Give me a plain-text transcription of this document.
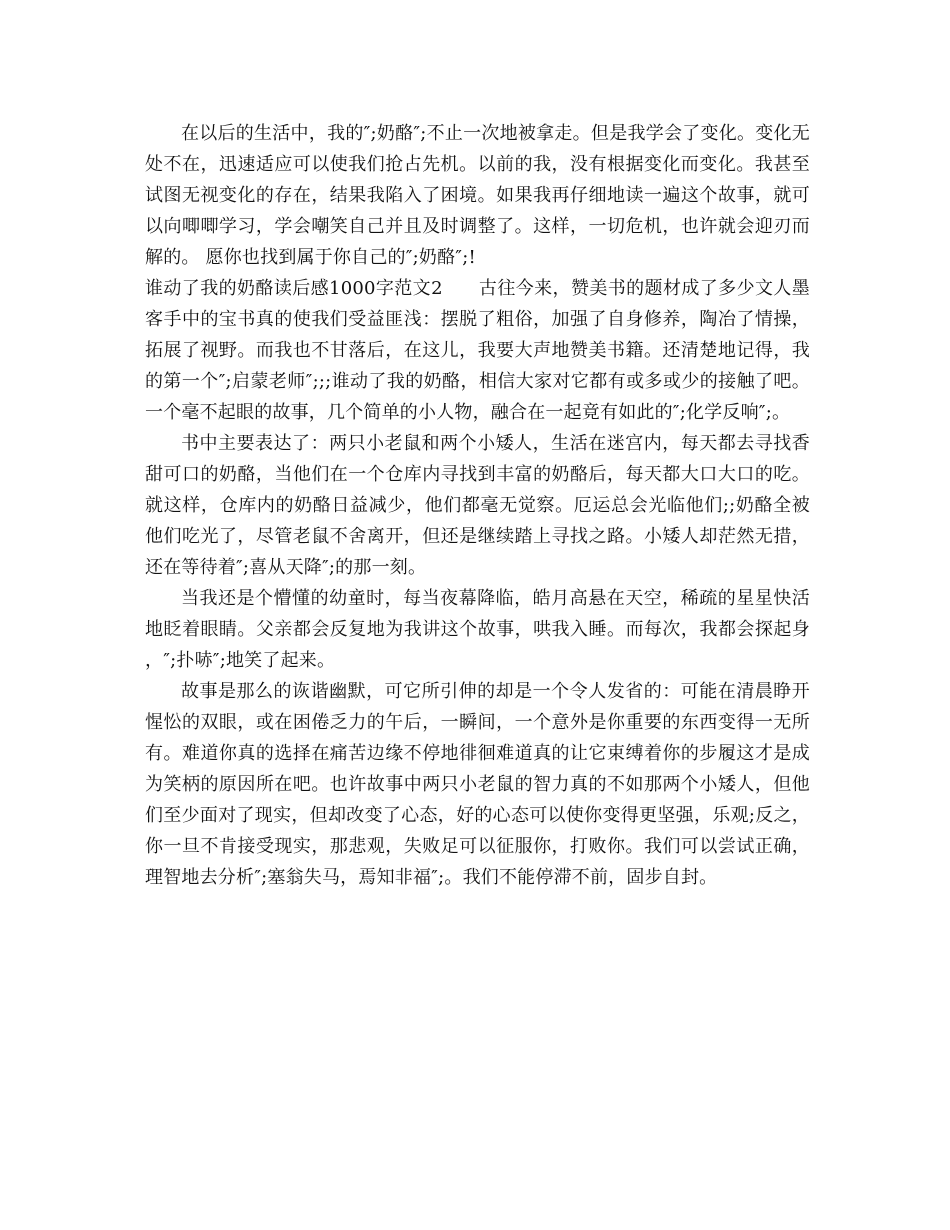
在以后的生活中，我的″;奶酪″;不止一次地被拿走。但是我学会了变化。变化无处不在，迅速适应可以使我们抢占先机。以前的我，没有根据变化而变化。我甚至试图无视变化的存在，结果我陷入了困境。如果我再仔细地读一遍这个故事，就可以向唧唧学习，学会嘲笑自己并且及时调整了。这样，一切危机，也许就会迎刃而解的。 愿你也找到属于你自己的″;奶酪″;!

谁动了我的奶酪读后感1000字范文2 古往今来，赞美书的题材成了多少文人墨客手中的宝书真的使我们受益匪浅：摆脱了粗俗，加强了自身修养，陶冶了情操，拓展了视野。而我也不甘落后，在这儿，我要大声地赞美书籍。还清楚地记得，我的第一个″;启蒙老师″;;;谁动了我的奶酪，相信大家对它都有或多或少的接触了吧。一个毫不起眼的故事，几个简单的小人物，融合在一起竟有如此的″;化学反响″;。

书中主要表达了：两只小老鼠和两个小矮人，生活在迷宫内，每天都去寻找香甜可口的奶酪，当他们在一个仓库内寻找到丰富的奶酪后，每天都大口大口的吃。就这样，仓库内的奶酪日益减少，他们都毫无觉察。厄运总会光临他们;;奶酪全被他们吃光了，尽管老鼠不舍离开，但还是继续踏上寻找之路。小矮人却茫然无措，还在等待着″;喜从天降″;的那一刻。

当我还是个懵懂的幼童时，每当夜幕降临，皓月高悬在天空，稀疏的星星快活地眨着眼睛。父亲都会反复地为我讲这个故事，哄我入睡。而每次，我都会探起身，″;扑哧″;地笑了起来。

故事是那么的诙谐幽默，可它所引伸的却是一个令人发省的：可能在清晨睁开惺忪的双眼，或在困倦乏力的午后，一瞬间，一个意外是你重要的东西变得一无所有。难道你真的选择在痛苦边缘不停地徘徊难道真的让它束缚着你的步履这才是成为笑柄的原因所在吧。也许故事中两只小老鼠的智力真的不如那两个小矮人，但他们至少面对了现实，但却改变了心态，好的心态可以使你变得更坚强，乐观;反之，你一旦不肯接受现实，那悲观，失败足可以征服你，打败你。我们可以尝试正确，理智地去分析″;塞翁失马，焉知非福″;。我们不能停滞不前，固步自封。
